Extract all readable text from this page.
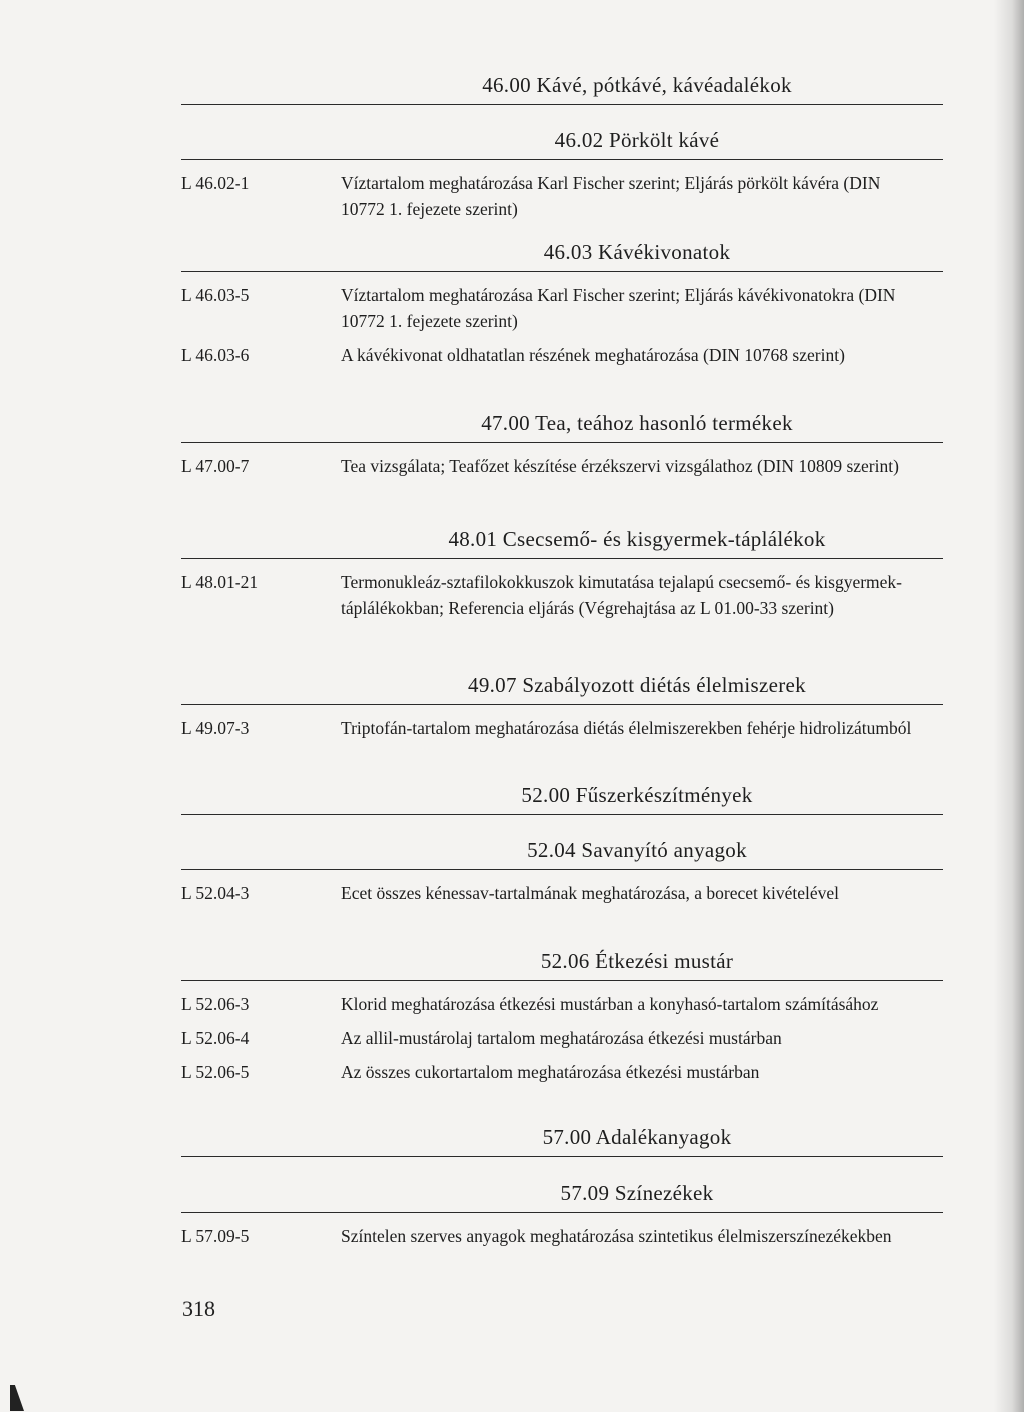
46.00 Kávé, pótkávé, kávéadalékok
46.02 Pörkölt kávé
L 46.02-1	Víztartalom meghatározása Karl Fischer szerint; Eljárás pörkölt kávéra (DIN 10772 1. fejezete szerint)
46.03 Kávékivonatok
L 46.03-5	Víztartalom meghatározása Karl Fischer szerint; Eljárás kávékivonatokra (DIN 10772 1. fejezete szerint)
L 46.03-6	A kávékivonat oldhatatlan részének meghatározása (DIN 10768 szerint)
47.00 Tea, teához hasonló termékek
L 47.00-7	Tea vizsgálata; Teafőzet készítése érzékszervi vizsgálathoz (DIN 10809 szerint)
48.01 Csecsemő- és kisgyermek-táplálékok
L 48.01-21	Termonukleáz-sztafilokokkuszok kimutatása tejalapú csecsemő- és kisgyermek-táplálékokban; Referencia eljárás (Végrehajtása az L 01.00-33 szerint)
49.07 Szabályozott diétás élelmiszerek
L 49.07-3	Triptofán-tartalom meghatározása diétás élelmiszerekben fehérje hidrolizátumból
52.00 Fűszerkészítmények
52.04 Savanyító anyagok
L 52.04-3	Ecet összes kénessav-tartalmának meghatározása, a borecet kivételével
52.06 Étkezési mustár
L 52.06-3	Klorid meghatározása étkezési mustárban a konyhasó-tartalom számításához
L 52.06-4	Az allil-mustárolaj tartalom meghatározása étkezési mustárban
L 52.06-5	Az összes cukortartalom meghatározása étkezési mustárban
57.00 Adalékanyagok
57.09 Színezékek
L 57.09-5	Színtelen szerves anyagok meghatározása szintetikus élelmiszerszínezékekben
318
